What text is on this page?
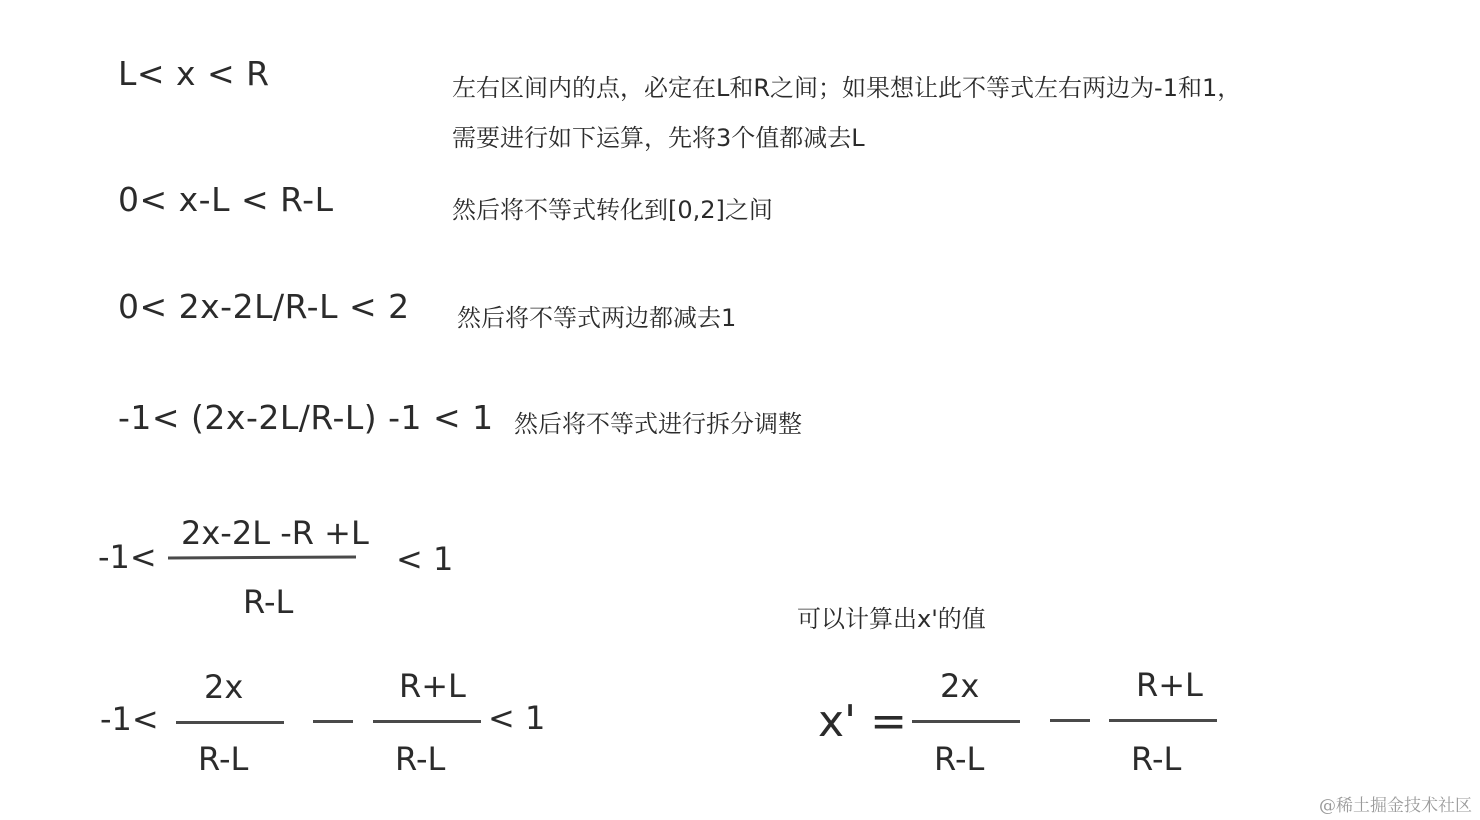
L< x < R	左右区间内的点，必定在L和R之间；如果想让此不等式左右两边为-1和1，
需要进行如下运算，先将3个值都减去L
0< x-L < R-L	然后将不等式转化到[0,2]之间
0< 2x-2L/R-L < 2 然后将不等式两边都减去1
-1< (2x-2L/R-L) -1 < 1 然后将不等式进行拆分调整
-1<
2x-2L -R +L
R-L
< 1
-1<
2x
R-L
R+L
R-L
< 1
可以计算出x'的值
x' =
2x
R-L
R+L
R-L
@稀土掘金技术社区
